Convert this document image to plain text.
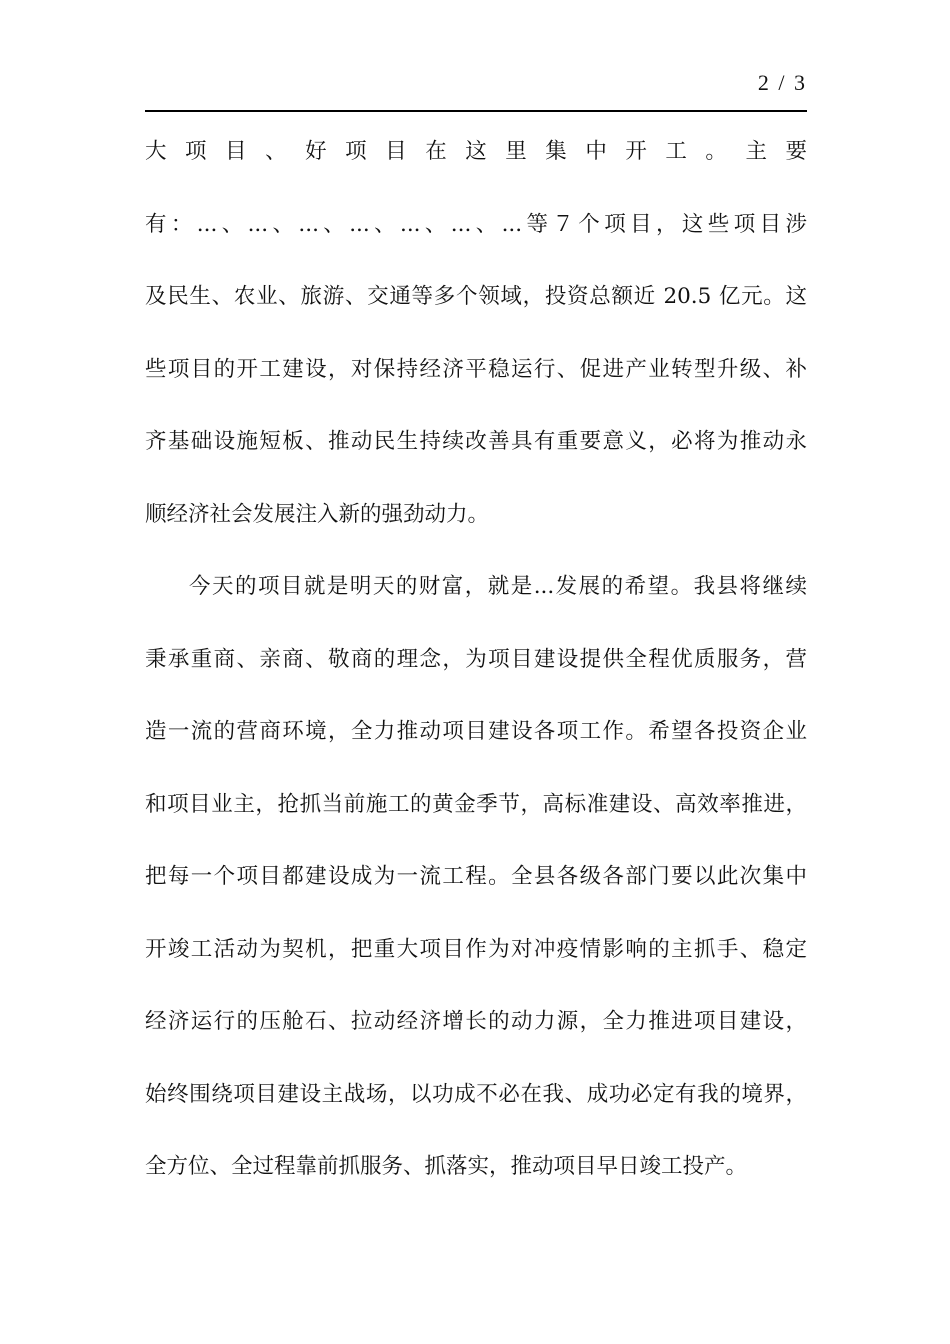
2 / 3
大 项 目 、 好 项 目 在 这 里 集 中 开 工 。 主 要
有：...、...、...、...、...、...、...等７个项目，这些项目涉
及民生、农业、旅游、交通等多个领域，投资总额近 20.5 亿元。这
些项目的开工建设，对保持经济平稳运行、促进产业转型升级、补
齐基础设施短板、推动民生持续改善具有重要意义，必将为推动永
顺经济社会发展注入新的强劲动力。
今天的项目就是明天的财富，就是...发展的希望。我县将继续
秉承重商、亲商、敬商的理念，为项目建设提供全程优质服务，营
造一流的营商环境，全力推动项目建设各项工作。希望各投资企业
和项目业主，抢抓当前施工的黄金季节，高标准建设、高效率推进，
把每一个项目都建设成为一流工程。全县各级各部门要以此次集中
开竣工活动为契机，把重大项目作为对冲疫情影响的主抓手、稳定
经济运行的压舱石、拉动经济增长的动力源，全力推进项目建设，
始终围绕项目建设主战场，以功成不必在我、成功必定有我的境界，
全方位、全过程靠前抓服务、抓落实，推动项目早日竣工投产。
